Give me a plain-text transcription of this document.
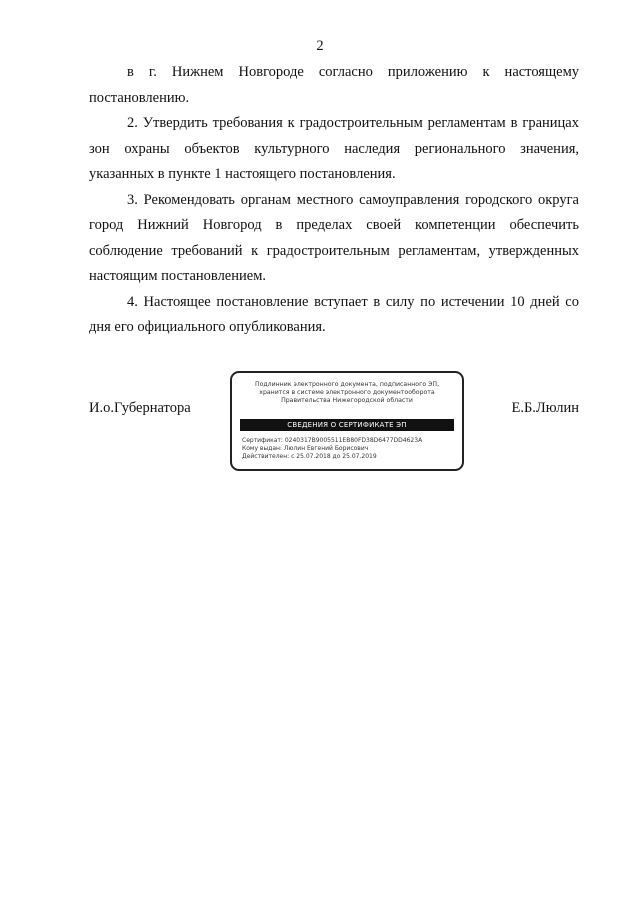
2

в г. Нижнем Новгороде согласно приложению к настоящему постановлению.

2. Утвердить требования к градостроительным регламентам в границах зон охраны объектов культурного наследия регионального значения, указанных в пункте 1 настоящего постановления.

3. Рекомендовать органам местного самоуправления городского округа город Нижний Новгород в пределах своей компетенции обеспечить соблюдение требований к градостроительным регламентам, утвержденных настоящим постановлением.

4. Настоящее постановление вступает в силу по истечении 10 дней со дня его официального опубликования.

И.о.Губернатора
Подлинник электронного документа, подписанного ЭП,
хранится в системе электронного документооборота
Правительства Нижегородской области
СВЕДЕНИЯ О СЕРТИФИКАТЕ ЭП
Сертификат: 0240317B9005511EB80FD38D6477DD4623A
Кому выдан: Люлин Евгений Борисович
Действителен: с 25.07.2018 до 25.07.2019
Е.Б.Люлин
